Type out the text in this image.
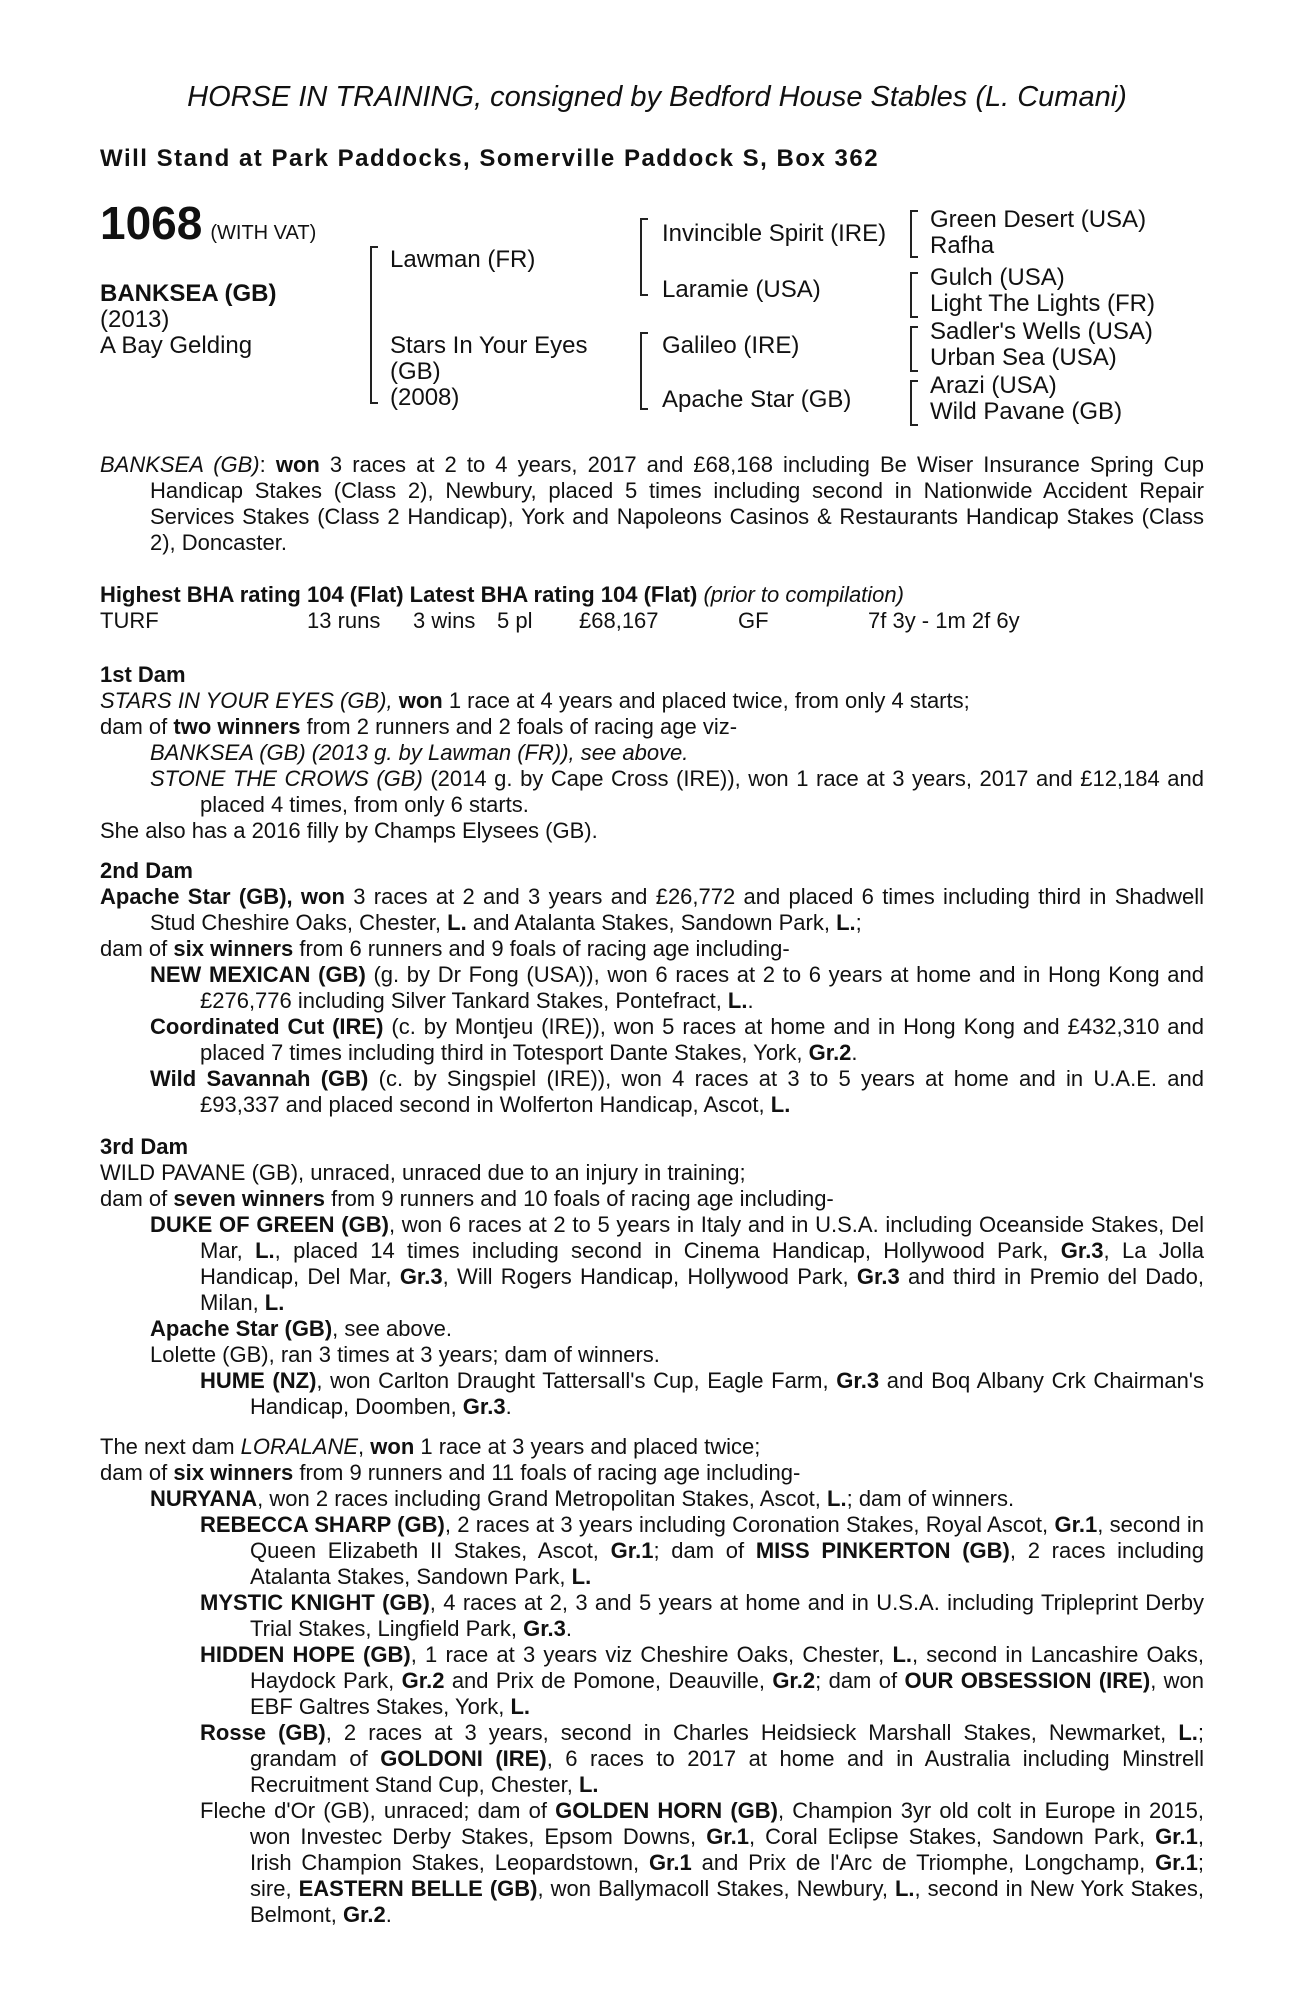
HORSE IN TRAINING, consigned by Bedford House Stables (L. Cumani)
Will Stand at Park Paddocks, Somerville Paddock S, Box 362
1068 (WITH VAT)
BANKSEA (GB)
(2013)
A Bay Gelding
Lawman (FR)
Stars In Your Eyes
(GB)
(2008)
Invincible Spirit (IRE)
Laramie (USA)
Galileo (IRE)
Apache Star (GB)
Green Desert (USA)
Rafha
Gulch (USA)
Light The Lights (FR)
Sadler's Wells (USA)
Urban Sea (USA)
Arazi (USA)
Wild Pavane (GB)
BANKSEA (GB): won 3 races at 2 to 4 years, 2017 and £68,168 including Be Wiser Insurance Spring Cup Handicap Stakes (Class 2), Newbury, placed 5 times including second in Nationwide Accident Repair Services Stakes (Class 2 Handicap), York and Napoleons Casinos & Restaurants Handicap Stakes (Class 2), Doncaster.
Highest BHA rating 104 (Flat) Latest BHA rating 104 (Flat) (prior to compilation)
TURF	13 runs 3 wins 5 pl £68,167	GF	7f 3y - 1m 2f 6y
1st Dam
STARS IN YOUR EYES (GB), won 1 race at 4 years and placed twice, from only 4 starts;
dam of two winners from 2 runners and 2 foals of racing age viz-
BANKSEA (GB) (2013 g. by Lawman (FR)), see above.
STONE THE CROWS (GB) (2014 g. by Cape Cross (IRE)), won 1 race at 3 years, 2017 and £12,184 and placed 4 times, from only 6 starts.
She also has a 2016 filly by Champs Elysees (GB).
2nd Dam
Apache Star (GB), won 3 races at 2 and 3 years and £26,772 and placed 6 times including third in Shadwell Stud Cheshire Oaks, Chester, L. and Atalanta Stakes, Sandown Park, L.;
dam of six winners from 6 runners and 9 foals of racing age including-
NEW MEXICAN (GB) (g. by Dr Fong (USA)), won 6 races at 2 to 6 years at home and in Hong Kong and £276,776 including Silver Tankard Stakes, Pontefract, L..
Coordinated Cut (IRE) (c. by Montjeu (IRE)), won 5 races at home and in Hong Kong and £432,310 and placed 7 times including third in Totesport Dante Stakes, York, Gr.2.
Wild Savannah (GB) (c. by Singspiel (IRE)), won 4 races at 3 to 5 years at home and in U.A.E. and £93,337 and placed second in Wolferton Handicap, Ascot, L.
3rd Dam
WILD PAVANE (GB), unraced, unraced due to an injury in training;
dam of seven winners from 9 runners and 10 foals of racing age including-
DUKE OF GREEN (GB), won 6 races at 2 to 5 years in Italy and in U.S.A. including Oceanside Stakes, Del Mar, L., placed 14 times including second in Cinema Handicap, Hollywood Park, Gr.3, La Jolla Handicap, Del Mar, Gr.3, Will Rogers Handicap, Hollywood Park, Gr.3 and third in Premio del Dado, Milan, L.
Apache Star (GB), see above.
Lolette (GB), ran 3 times at 3 years; dam of winners.
HUME (NZ), won Carlton Draught Tattersall's Cup, Eagle Farm, Gr.3 and Boq Albany Crk Chairman's Handicap, Doomben, Gr.3.
The next dam LORALANE, won 1 race at 3 years and placed twice;
dam of six winners from 9 runners and 11 foals of racing age including-
NURYANA, won 2 races including Grand Metropolitan Stakes, Ascot, L.; dam of winners.
REBECCA SHARP (GB), 2 races at 3 years including Coronation Stakes, Royal Ascot, Gr.1, second in Queen Elizabeth II Stakes, Ascot, Gr.1; dam of MISS PINKERTON (GB), 2 races including Atalanta Stakes, Sandown Park, L.
MYSTIC KNIGHT (GB), 4 races at 2, 3 and 5 years at home and in U.S.A. including Tripleprint Derby Trial Stakes, Lingfield Park, Gr.3.
HIDDEN HOPE (GB), 1 race at 3 years viz Cheshire Oaks, Chester, L., second in Lancashire Oaks, Haydock Park, Gr.2 and Prix de Pomone, Deauville, Gr.2; dam of OUR OBSESSION (IRE), won EBF Galtres Stakes, York, L.
Rosse (GB), 2 races at 3 years, second in Charles Heidsieck Marshall Stakes, Newmarket, L.; grandam of GOLDONI (IRE), 6 races to 2017 at home and in Australia including Minstrell Recruitment Stand Cup, Chester, L.
Fleche d'Or (GB), unraced; dam of GOLDEN HORN (GB), Champion 3yr old colt in Europe in 2015, won Investec Derby Stakes, Epsom Downs, Gr.1, Coral Eclipse Stakes, Sandown Park, Gr.1, Irish Champion Stakes, Leopardstown, Gr.1 and Prix de l'Arc de Triomphe, Longchamp, Gr.1; sire, EASTERN BELLE (GB), won Ballymacoll Stakes, Newbury, L., second in New York Stakes, Belmont, Gr.2.
